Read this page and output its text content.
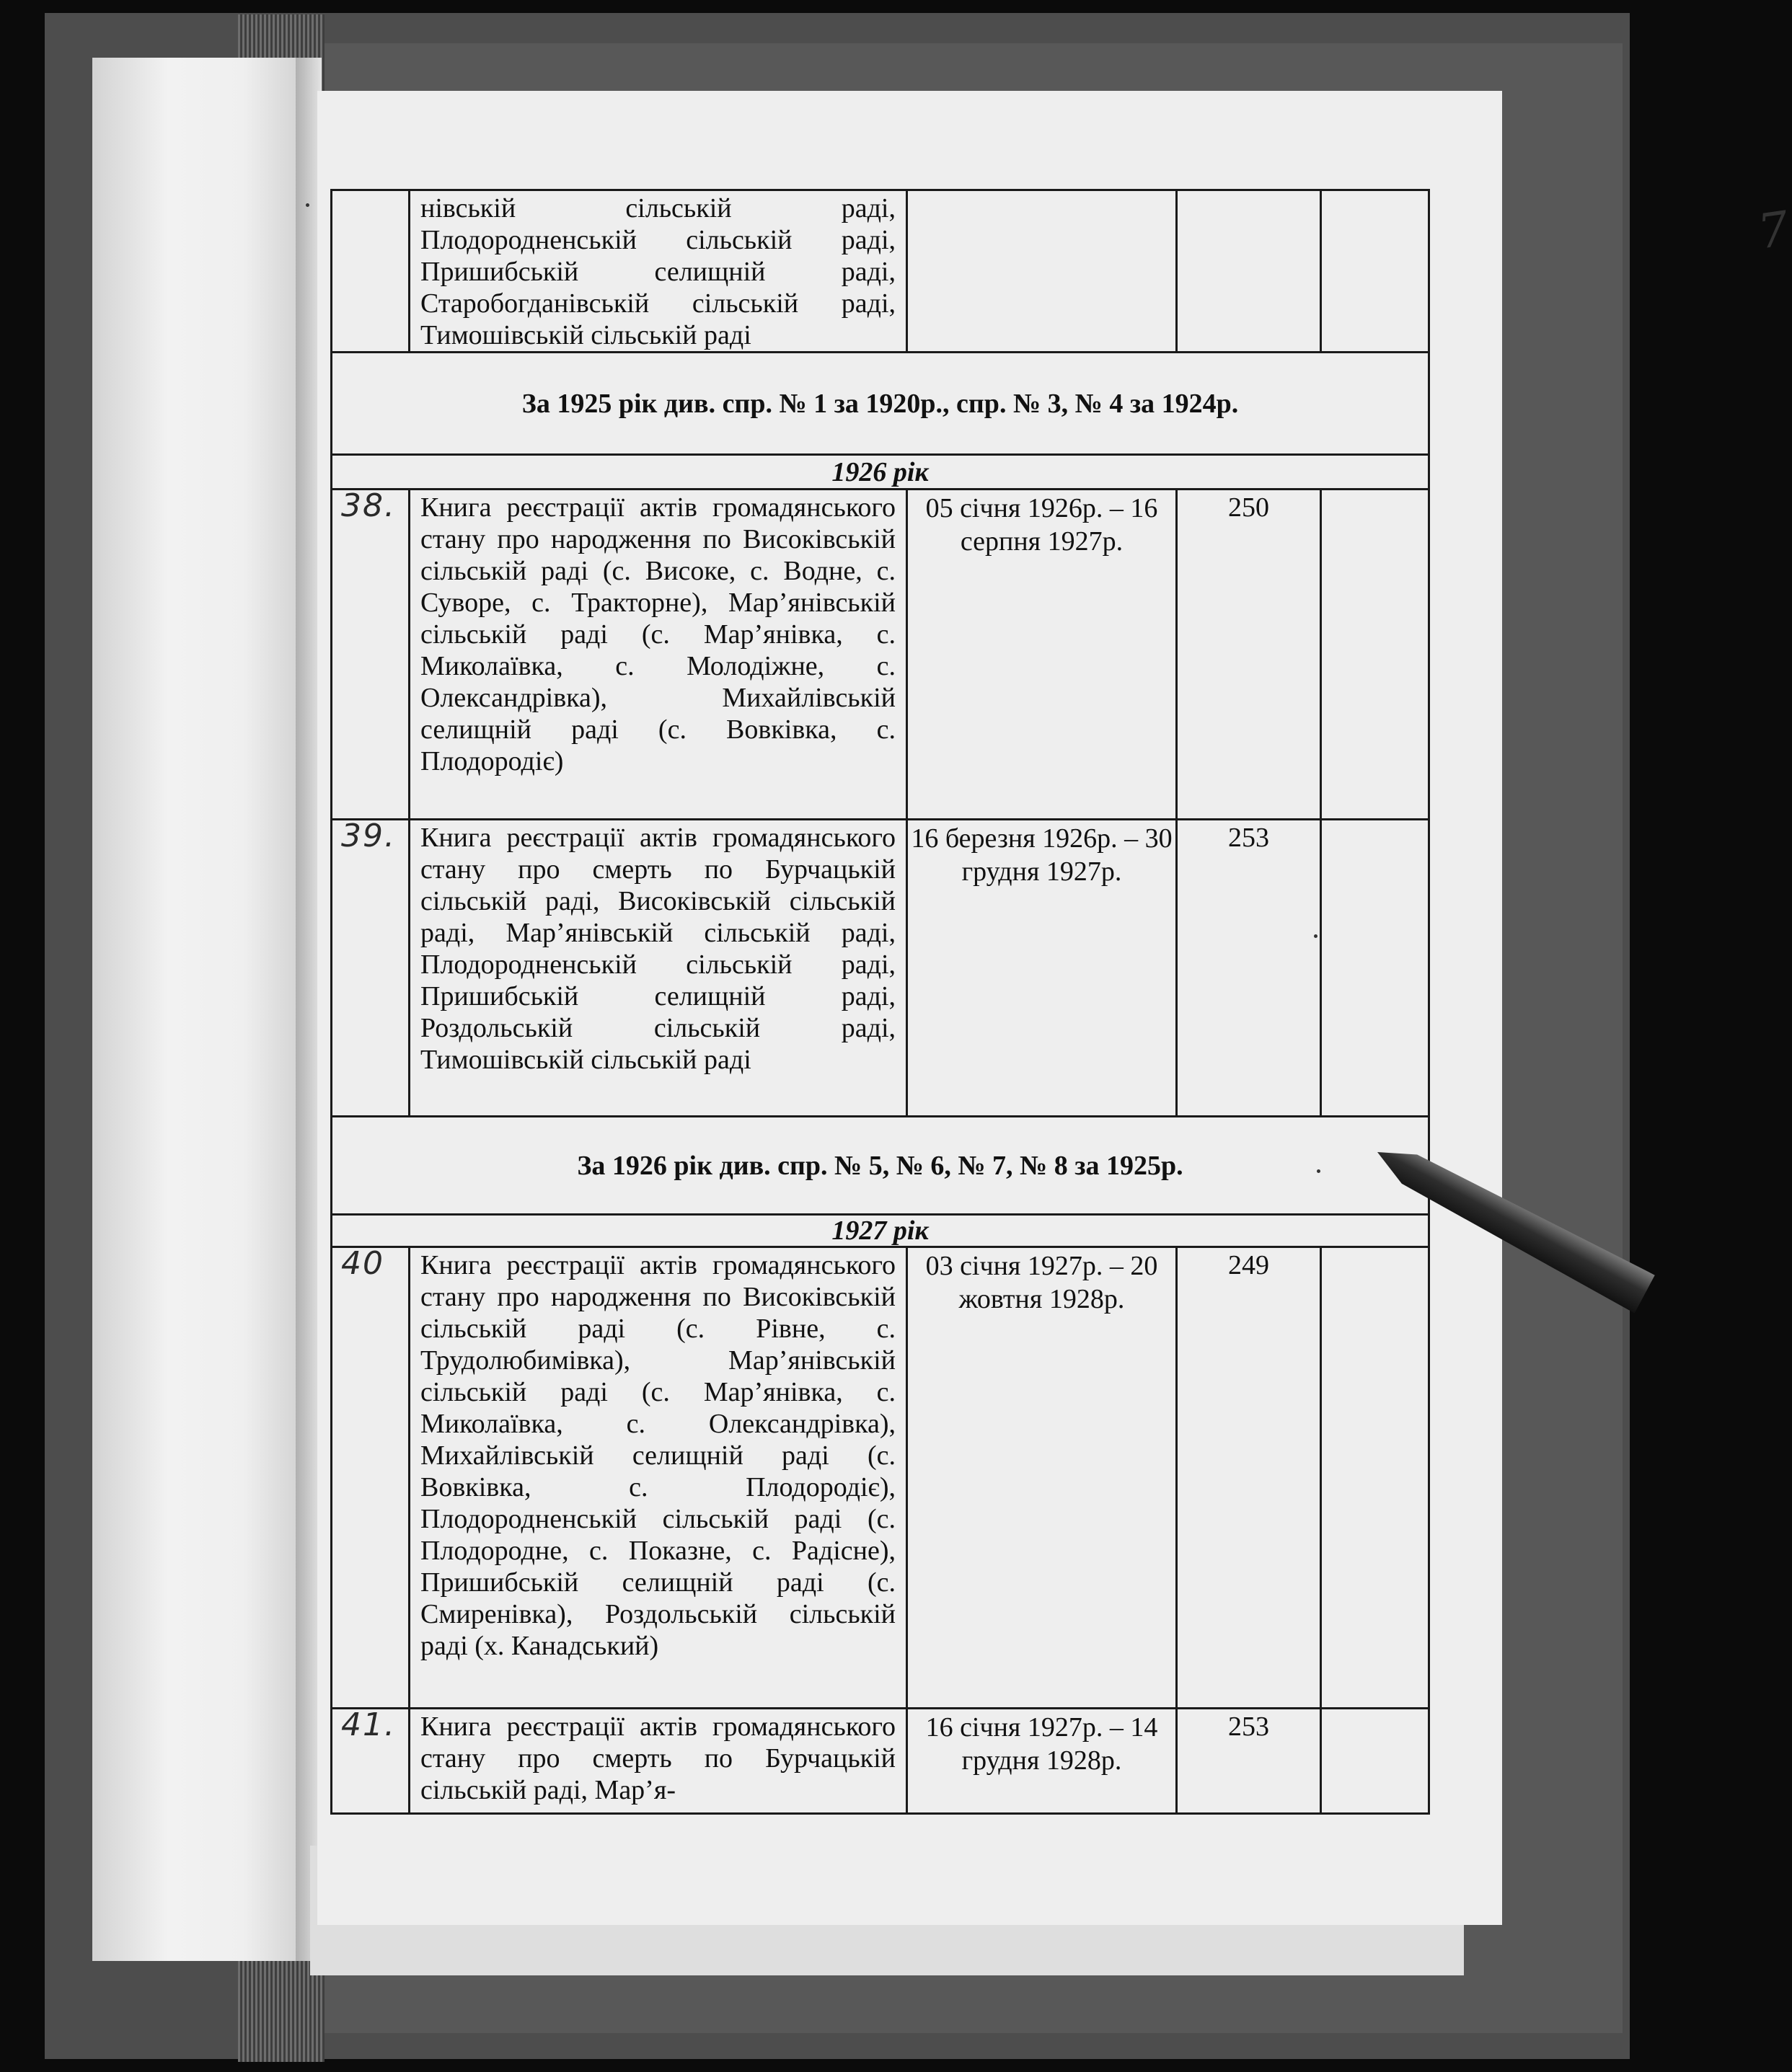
7
	нівській сільській раді, Плодородненській сільській раді, Пришибській селищній раді, Старобогданівській сільській раді, Тимошівській сільській раді			
За 1925 рік див. спр. № 1 за 1920р., спр. № 3, № 4 за 1924р.				
1926 рік				

38.	Книга реєстрації актів громадянського стану про народження по Високівській сільській раді (с. Високе, с. Водне, с. Суворе, с. Тракторне), Мар’янівській сільській раді (с. Мар’янівка, с. Миколаївка, с. Молодіжне, с. Олександрівка), Михайлівській селищній раді (с. Вовківка, с. Плодородіє)	05 січня 1926р. – 16 серпня 1927р.	250	

39.	Книга реєстрації актів громадянського стану про смерть по Бурчацькій сільській раді, Високівській сільській раді, Мар’янівській сільській раді, Плодородненській сільській раді, Пришибській селищній раді, Роздольській сільській раді, Тимошівській сільській раді	16 березня 1926р. – 30 грудня 1927р.	253	
За 1926 рік див. спр. № 5, № 6, № 7, № 8 за 1925р.				
1927 рік				

40	Книга реєстрації актів громадянського стану про народження по Високівській сільській раді (с. Рівне, с. Трудолюбимівка), Мар’янівській сільській раді (с. Мар’янівка, с. Миколаївка, с. Олександрівка), Михайлівській селищній раді (с. Вовківка, с. Плодородіє), Плодородненській сільській раді (с. Плодородне, с. Показне, с. Радісне), Пришибській селищній раді (с. Смиренівка), Роздольській сільській раді (х. Канадський)	03 січня 1927р. – 20 жовтня 1928р.	249	

41.	Книга реєстрації актів громадянського стану про смерть по Бурчацькій сільській раді, Мар’я-	16 січня 1927р. – 14 грудня 1928р.	253	
